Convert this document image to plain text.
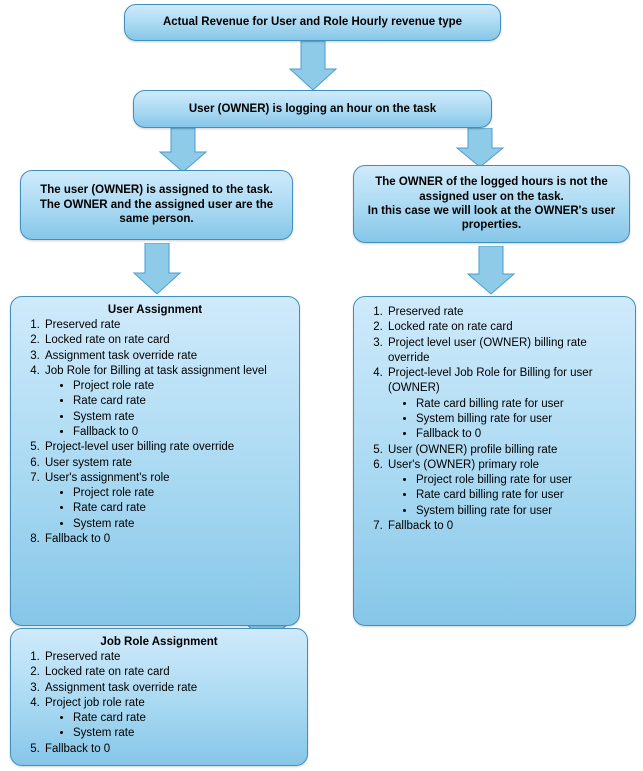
Actual Revenue for User and Role Hourly revenue type
User (OWNER) is logging an hour on the task
The user (OWNER) is assigned to the task. The OWNER and the assigned user are the same person.
The OWNER of the logged hours is not the assigned user on the task.
In this case we will look at the OWNER's user properties.
User Assignment
1. Preserved rate
2. Locked rate on rate card
3. Assignment task override rate
4. Job Role for Billing at task assignment level
• Project role rate
• Rate card rate
• System rate
• Fallback to 0
5. Project-level user billing rate override
6. User system rate
7. User's assignment's role
• Project role rate
• Rate card rate
• System rate
8. Fallback to 0
Job Role Assignment
1. Preserved rate
2. Locked rate on rate card
3. Assignment task override rate
4. Project job role rate
• Rate card rate
• System rate
5. Fallback to 0
1. Preserved rate
2. Locked rate on rate card
3. Project level user (OWNER) billing rate override
4. Project-level Job Role for Billing for user (OWNER)
• Rate card billing rate for user
• System billing rate for user
• Fallback to 0
5. User (OWNER) profile billing rate
6. User's (OWNER) primary role
• Project role billing rate for user
• Rate card billing rate for user
• System billing rate for user
7. Fallback to 0
